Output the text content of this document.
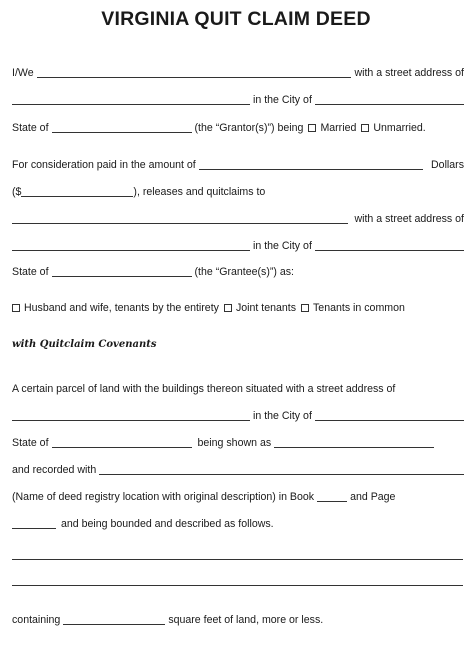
VIRGINIA QUIT CLAIM DEED
I/We	with a street address of
in the City of
State of	(the “Grantor(s)”) being Married Unmarried.
For consideration paid in the amount of	Dollars
($	), releases and quitclaims to
with a street address of
in the City of
State of	(the “Grantee(s)”) as:
Husband and wife, tenants by the entirety Joint tenants Tenants in common
with Quitclaim Covenants
A certain parcel of land with the buildings thereon situated with a street address of
in the City of
State of	being shown as
and recorded with
(Name of deed registry location with original description) in Book	and Page
and being bounded and described as follows.
containing	square feet of land, more or less.
